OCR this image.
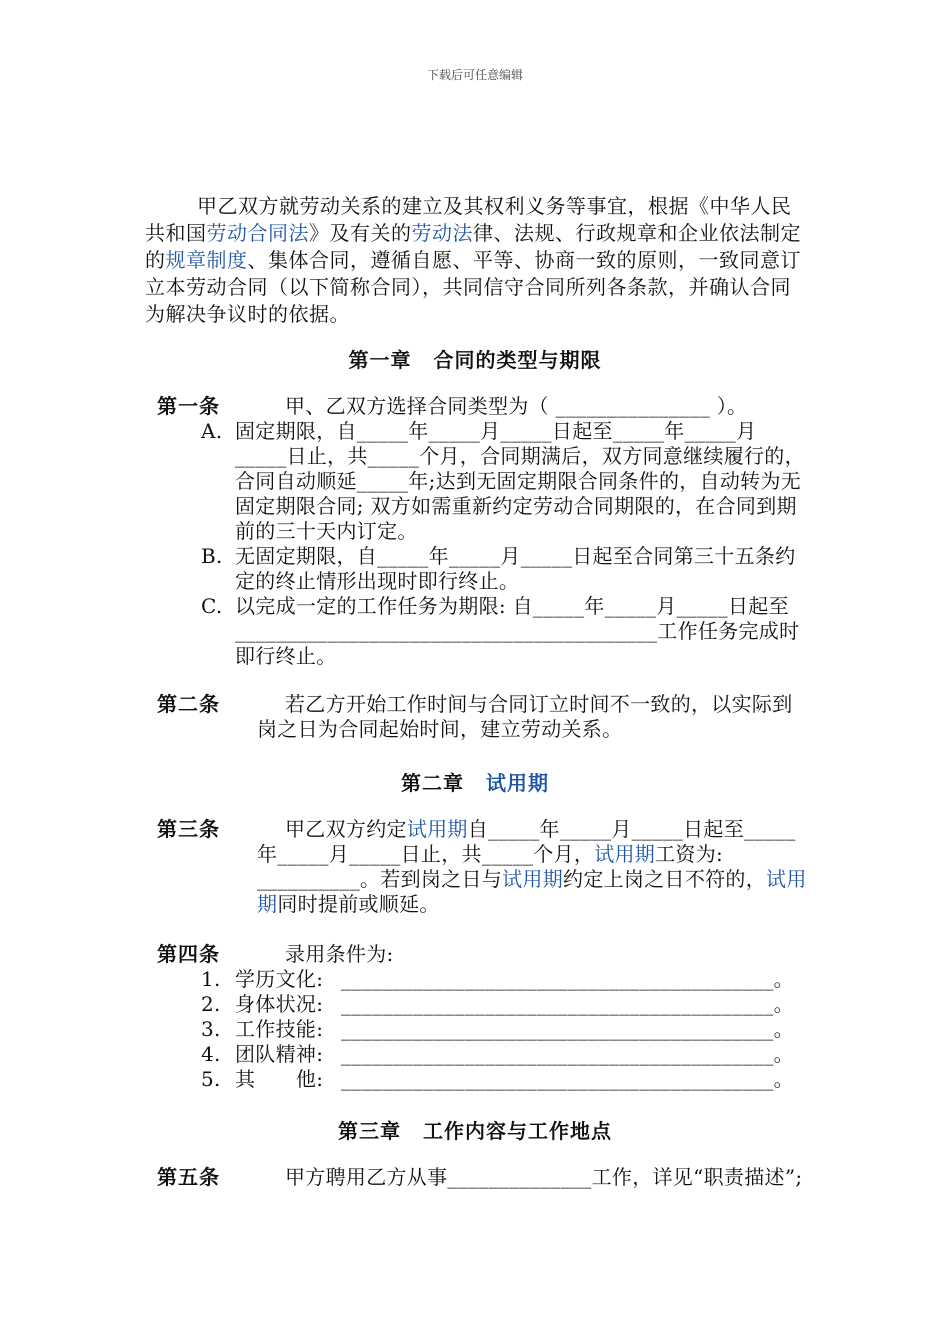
下载后可任意编辑

甲乙双方就劳动关系的建立及其权利义务等事宜，根据《中华人民共和国劳动合同法》及有关的劳动法律、法规、行政规章和企业依法制定的规章制度、集体合同，遵循自愿、平等、协商一致的原则，一致同意订立本劳动合同（以下简称合同），共同信守合同所列各条款，并确认合同为解决争议时的依据。

第一章 合同的类型与期限
第一条	甲、乙双方选择合同类型为（ _______________ ）。
A. 固定期限，自_____年_____月_____日起至_____年_____月_____日止，共_____个月，合同期满后，双方同意继续履行的，合同自动顺延_____年;达到无固定期限合同条件的，自动转为无固定期限合同; 双方如需重新约定劳动合同期限的，在合同到期前的三十天内订定。
B. 无固定期限，自_____年_____月_____日起至合同第三十五条约定的终止情形出现时即行终止。
C. 以完成一定的工作任务为期限: 自_____年_____月_____日起至_________________________________________工作任务完成时即行终止。
第二条	若乙方开始工作时间与合同订立时间不一致的，以实际到岗之日为合同起始时间，建立劳动关系。
第二章 试用期
第三条	甲乙双方约定试用期自_____年_____月_____日起至_____年_____月_____日止，共_____个月，试用期工资为: __________。若到岗之日与试用期约定上岗之日不符的，试用期同时提前或顺延。
第四条	录用条件为:
1. 学历文化: __________________________________________。
2. 身体状况: __________________________________________。
3. 工作技能: __________________________________________。
4. 团队精神: __________________________________________。
5. 其　　他: __________________________________________。
第三章 工作内容与工作地点
第五条	甲方聘用乙方从事______________工作，详见“职责描述”;
